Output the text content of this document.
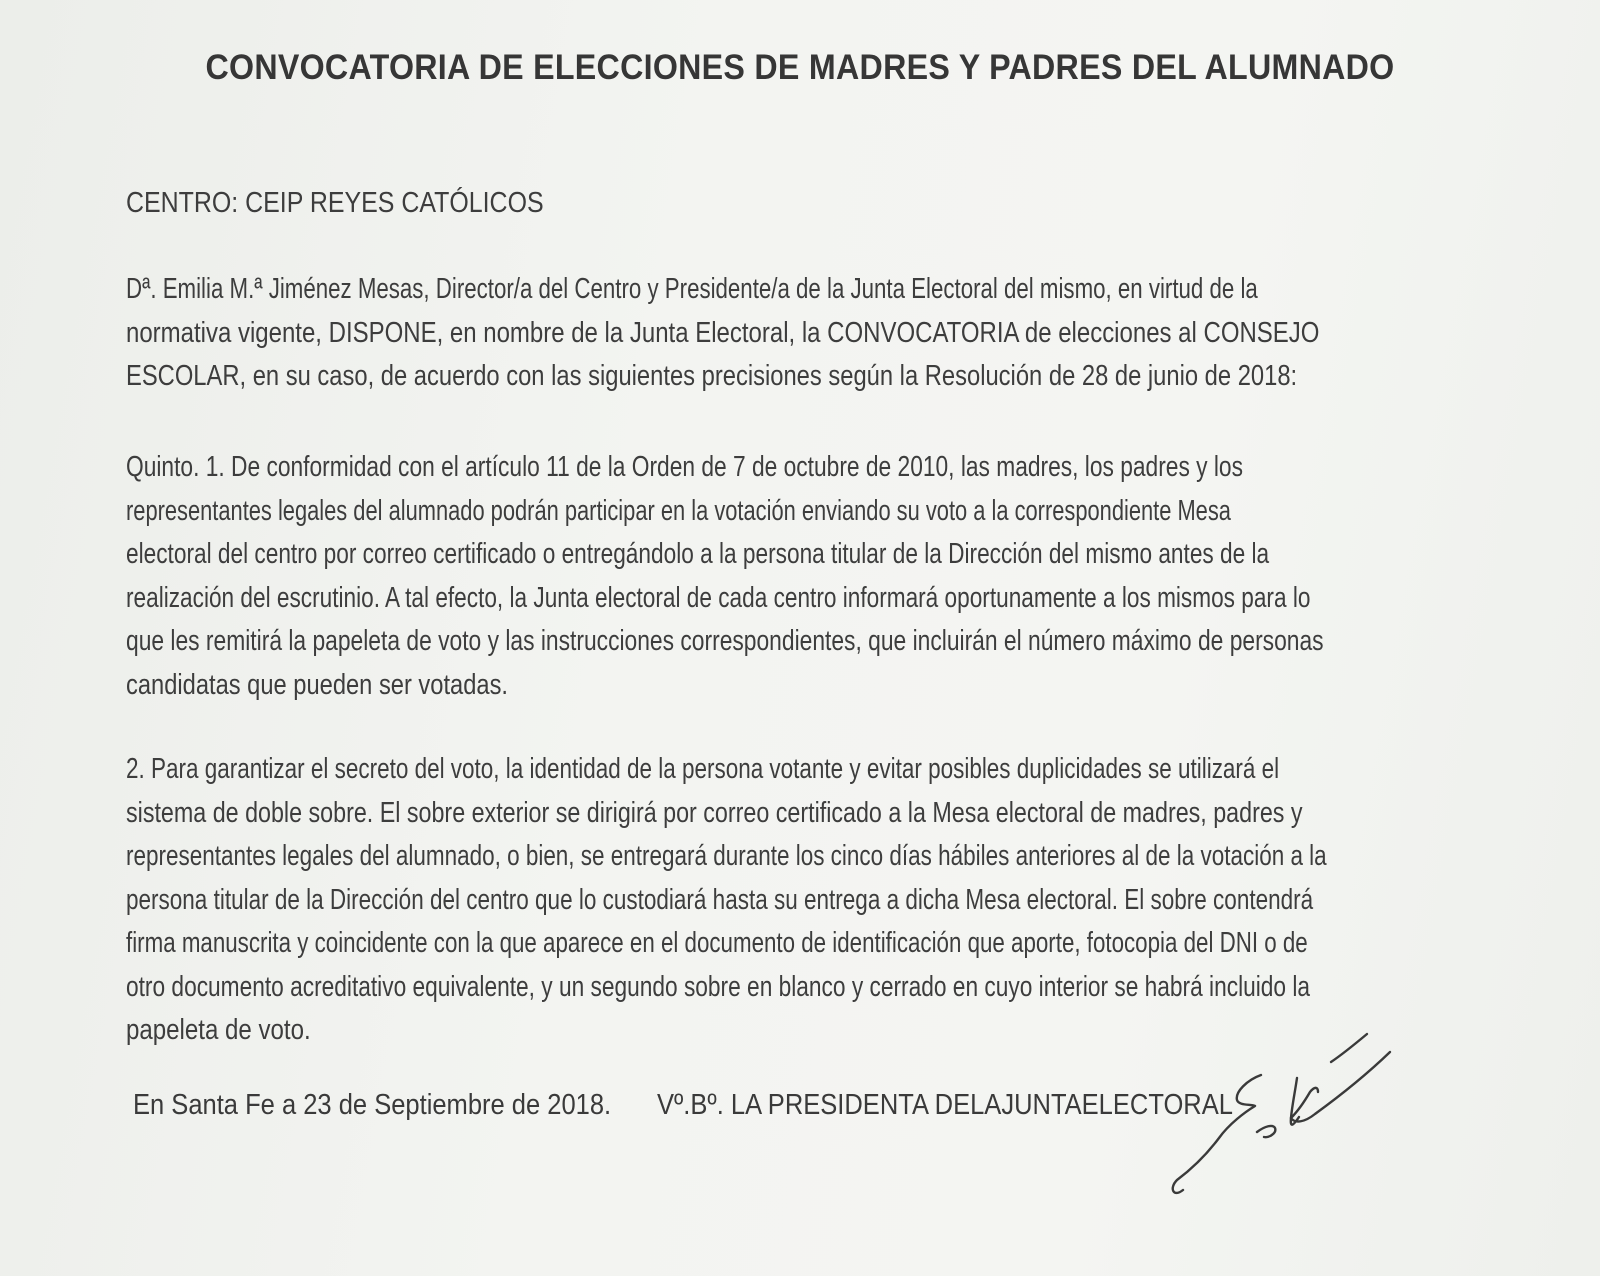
CONVOCATORIA DE ELECCIONES DE MADRES Y PADRES DEL ALUMNADO
CENTRO: CEIP REYES CATÓLICOS
Dª. Emilia M.ª Jiménez Mesas, Director/a del Centro y Presidente/a de la Junta Electoral del mismo, en virtud de la
normativa vigente, DISPONE, en nombre de la Junta Electoral, la CONVOCATORIA de elecciones al CONSEJO
ESCOLAR, en su caso, de acuerdo con las siguientes precisiones según la Resolución de 28 de junio de 2018:
Quinto. 1. De conformidad con el artículo 11 de la Orden de 7 de octubre de 2010, las madres, los padres y los
representantes legales del alumnado podrán participar en la votación enviando su voto a la correspondiente Mesa
electoral del centro por correo certificado o entregándolo a la persona titular de la Dirección del mismo antes de la
realización del escrutinio. A tal efecto, la Junta electoral de cada centro informará oportunamente a los mismos para lo
que les remitirá la papeleta de voto y las instrucciones correspondientes, que incluirán el número máximo de personas
candidatas que pueden ser votadas.
2. Para garantizar el secreto del voto, la identidad de la persona votante y evitar posibles duplicidades se utilizará el
sistema de doble sobre. El sobre exterior se dirigirá por correo certificado a la Mesa electoral de madres, padres y
representantes legales del alumnado, o bien, se entregará durante los cinco días hábiles anteriores al de la votación a la
persona titular de la Dirección del centro que lo custodiará hasta su entrega a dicha Mesa electoral. El sobre contendrá
firma manuscrita y coincidente con la que aparece en el documento de identificación que aporte, fotocopia del DNI o de
otro documento acreditativo equivalente, y un segundo sobre en blanco y cerrado en cuyo interior se habrá incluido la
papeleta de voto.
En Santa Fe a 23 de Septiembre de 2018. Vº.Bº. LA PRESIDENTA DELAJUNTAELECTORAL
